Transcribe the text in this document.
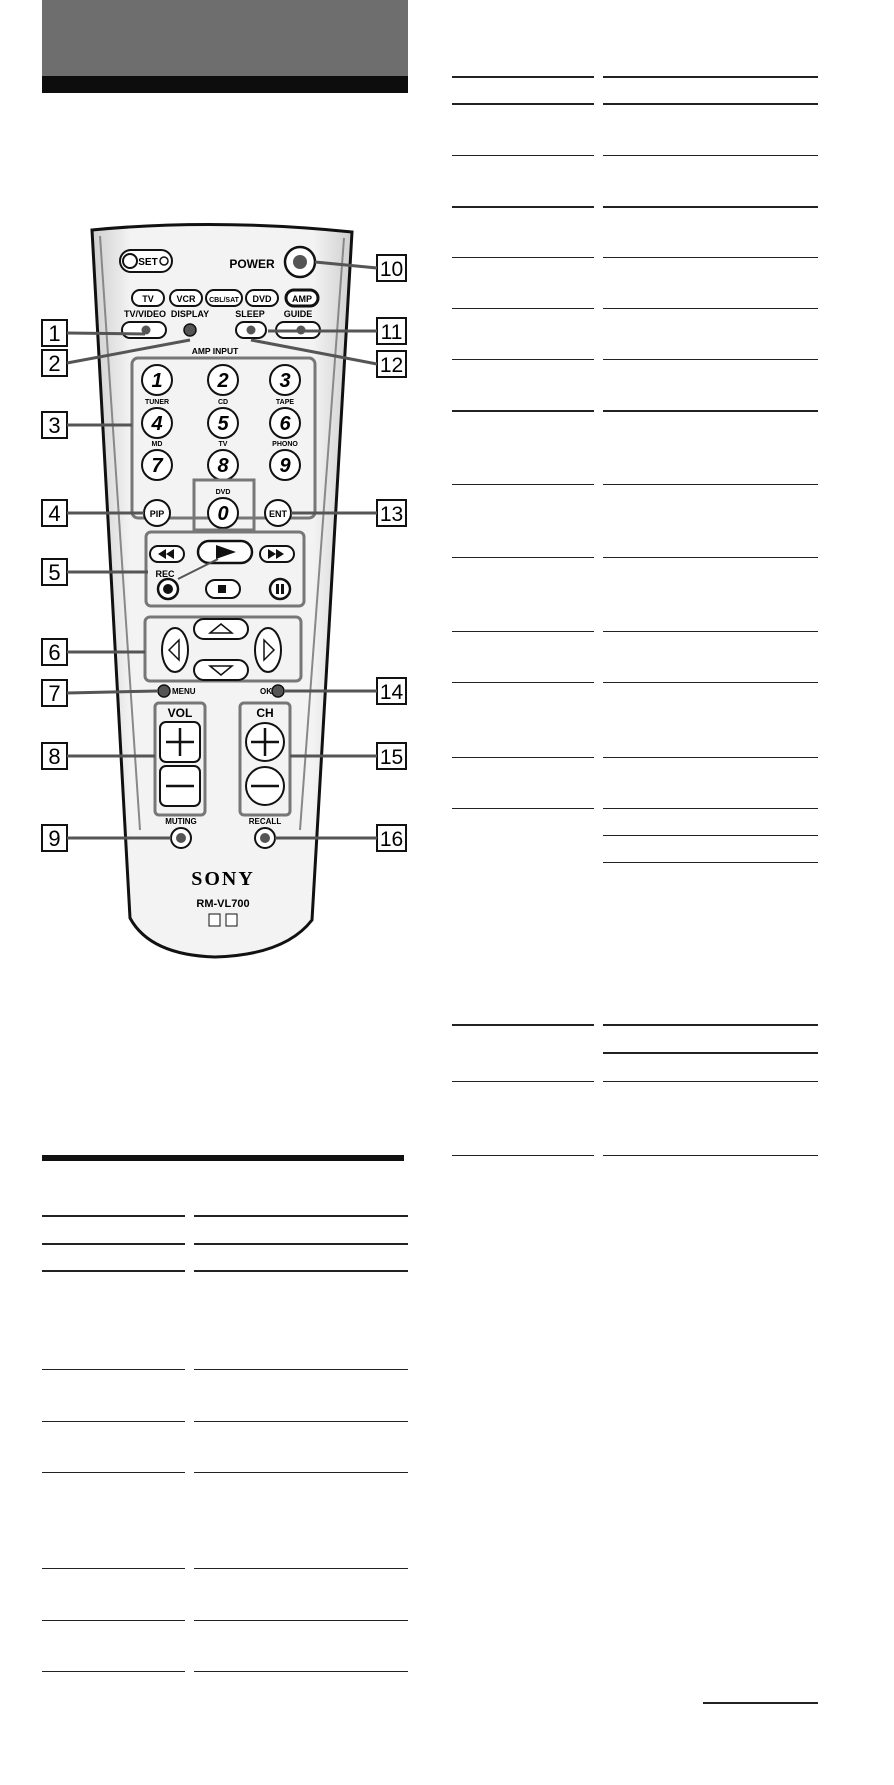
SET	POWER
TV	VCR CBL/SAT DVD AMP
TV/VIDEO DISPLAY	SLEEP GUIDE
AMP INPUT
1	2	3
4
TUNER
5
CD
6
TAPE
7
MD
8
TV
9
PHONO
0
DVD
PIP	ENT
REC
MENU	OK
VOL	CH
MUTING	RECALL
SONY
RM-VL700
1
2
3
4
5
6
7
8
9
10
11
12
13
14
15
16
